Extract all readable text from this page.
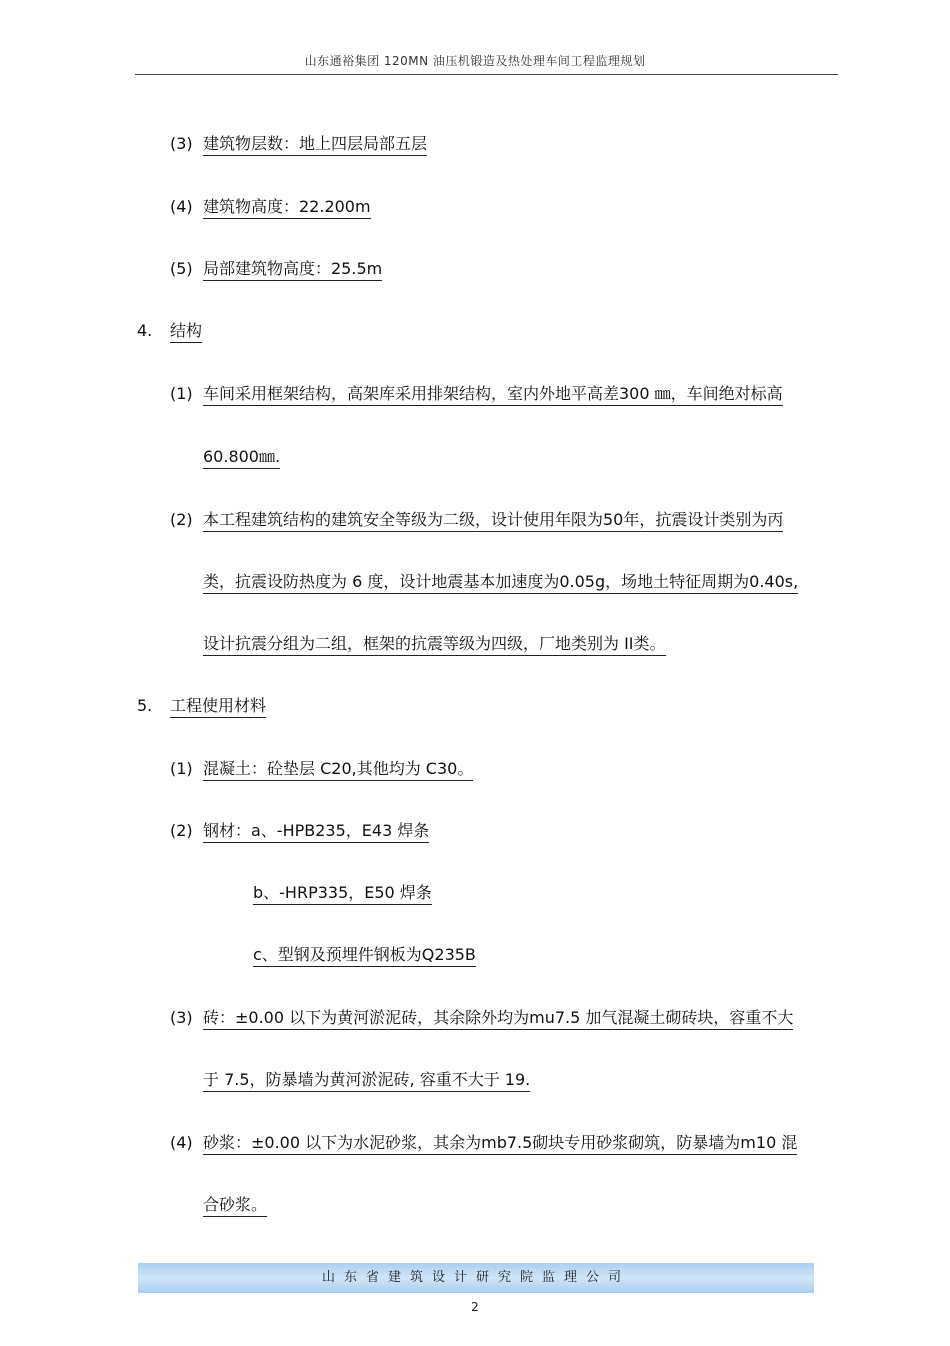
山东通裕集团 120MN 油压机锻造及热处理车间工程监理规划
(3) 建筑物层数：地上四层局部五层
(4) 建筑物高度：22.200m
(5) 局部建筑物高度：25.5m
4. 结构
(1) 车间采用框架结构，高架库采用排架结构，室内外地平高差300 ㎜，车间绝对标高
60.800㎜.
(2) 本工程建筑结构的建筑安全等级为二级，设计使用年限为50年，抗震设计类别为丙
类，抗震设防热度为 6 度，设计地震基本加速度为0.05g，场地土特征周期为0.40s,
设计抗震分组为二组，框架的抗震等级为四级，厂地类别为 II类。
5. 工程使用材料
(1) 混凝土：砼垫层 C20,其他均为 C30。
(2) 钢材：a、-HPB235，E43 焊条
b、-HRP335，E50 焊条
c、型钢及预埋件钢板为Q235B
(3) 砖：±0.00 以下为黄河淤泥砖，其余除外均为mu7.5 加气混凝土砌砖块，容重不大
于 7.5，防暴墙为黄河淤泥砖, 容重不大于 19.
(4) 砂浆：±0.00 以下为水泥砂浆，其余为mb7.5砌块专用砂浆砌筑，防暴墙为m10 混
合砂浆。
山东省建筑设计研究院监理公司
2
